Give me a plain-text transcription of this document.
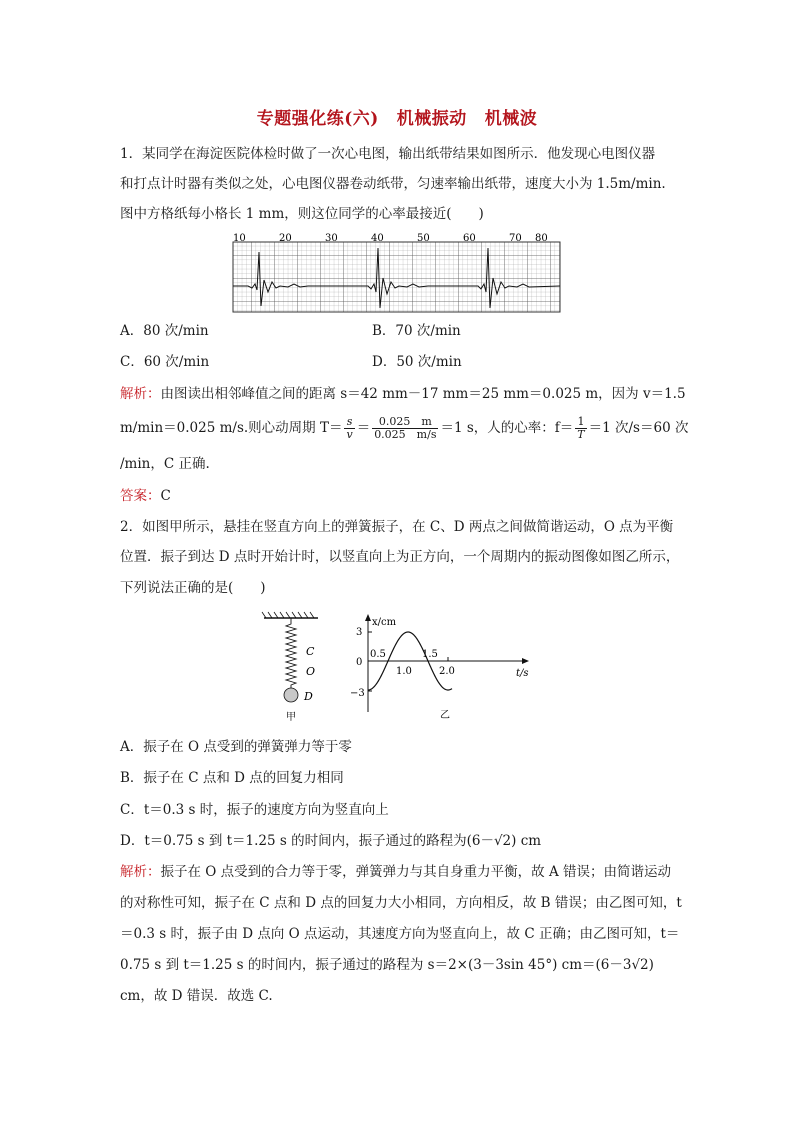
专题强化练(六) 机械振动 机械波
1．某同学在海淀医院体检时做了一次心电图，输出纸带结果如图所示．他发现心电图仪器
和打点计时器有类似之处，心电图仪器卷动纸带，匀速率输出纸带，速度大小为 1.5m/min.
图中方格纸每小格长 1 mm，则这位同学的心率最接近(　　)
10	20	30	40	50	60	70 80
A．80 次/min	B．70 次/min
C．60 次/min	D．50 次/min
解析：由图读出相邻峰值之间的距离 s＝42 mm－17 mm＝25 mm＝0.025 m，因为 v＝1.5
m/min＝0.025 m/s.则心动周期 $T= \frac{s}{v} = \frac{0.025 m}{0.025 m/s} =1$ s，人的心率：$f= \frac{1}{T} =1$ 次/s＝60 次
/min，C 正确.
答案：C
2．如图甲所示，悬挂在竖直方向上的弹簧振子，在 C、D 两点之间做简谐运动，O 点为平衡
位置．振子到达 D 点时开始计时，以竖直向上为正方向，一个周期内的振动图像如图乙所示，
下列说法正确的是(　　)
C
O
D
甲
x/cm
t/s
3
0
−3
0.5
1.0
1.5
2.0
乙
A．振子在 O 点受到的弹簧弹力等于零
B．振子在 C 点和 D 点的回复力相同
C．t＝0.3 s 时，振子的速度方向为竖直向上
D．t＝0.75 s 到 t＝1.25 s 的时间内，振子通过的路程为(6－√2) cm
解析：振子在 O 点受到的合力等于零，弹簧弹力与其自身重力平衡，故 A 错误；由简谐运动
的对称性可知，振子在 C 点和 D 点的回复力大小相同，方向相反，故 B 错误；由乙图可知，t
＝0.3 s 时，振子由 D 点向 O 点运动，其速度方向为竖直向上，故 C 正确；由乙图可知，t＝
0.75 s 到 t＝1.25 s 的时间内，振子通过的路程为 s＝2×(3－3sin 45°) cm＝(6－3√2)
cm，故 D 错误．故选 C.
